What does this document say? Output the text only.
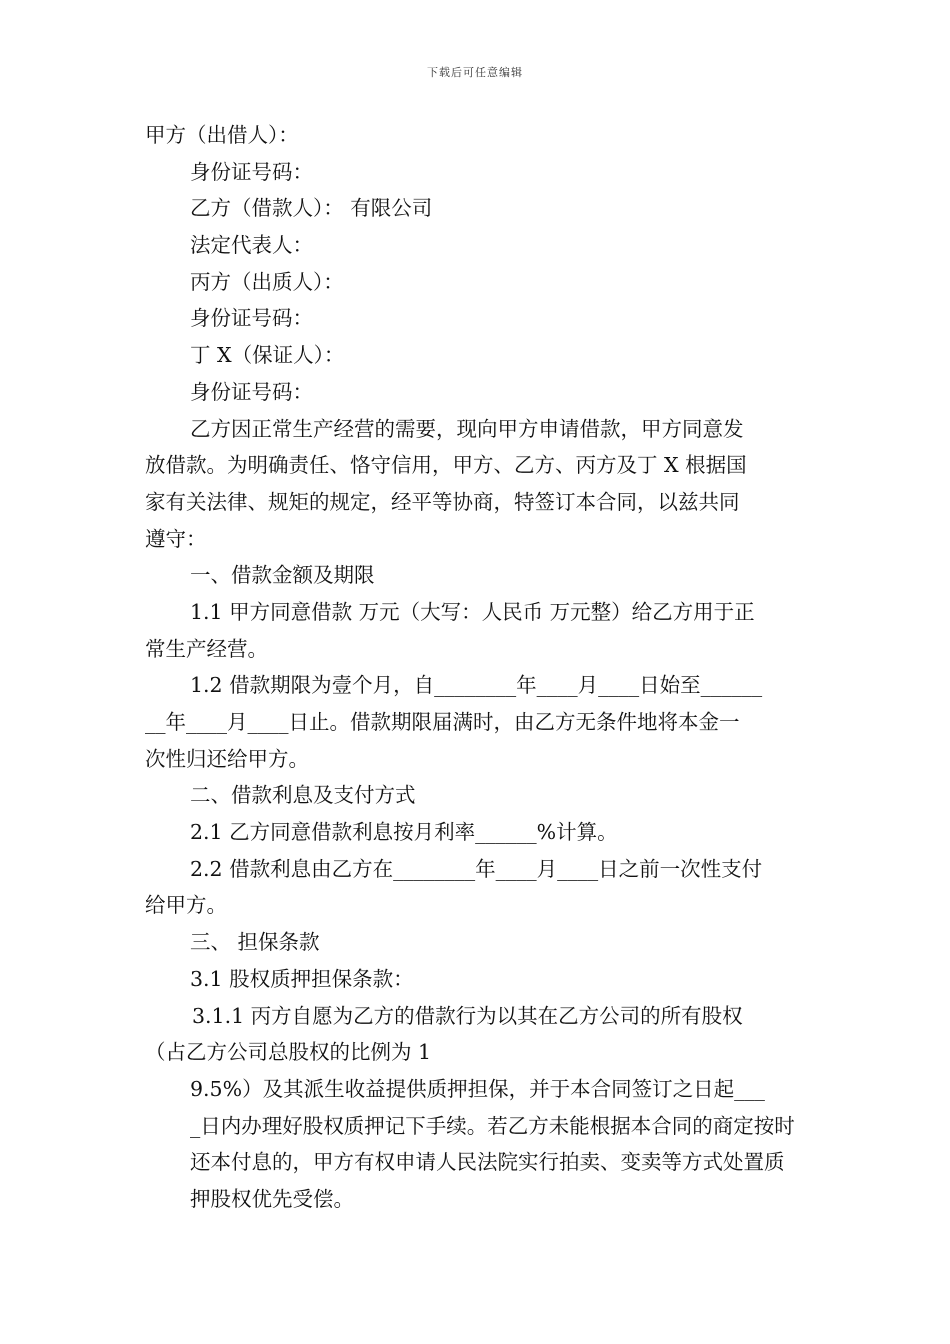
下载后可任意编辑
甲方（出借人）：
身份证号码：
乙方（借款人）： 有限公司
法定代表人：
丙方（出质人）：
身份证号码：
丁 X（保证人）：
身份证号码：
乙方因正常生产经营的需要，现向甲方申请借款，甲方同意发
放借款。为明确责任、恪守信用，甲方、乙方、丙方及丁 X 根据国
家有关法律、规矩的规定，经平等协商，特签订本合同，以兹共同
遵守：
一、借款金额及期限
1.1 甲方同意借款 万元（大写：人民币 万元整）给乙方用于正
常生产经营。
1.2 借款期限为壹个月，自________年____月____日始至______
__年____月____日止。借款期限届满时，由乙方无条件地将本金一
次性归还给甲方。
二、借款利息及支付方式
2.1 乙方同意借款利息按月利率______%计算。
2.2 借款利息由乙方在________年____月____日之前一次性支付
给甲方。
三、 担保条款
3.1 股权质押担保条款：
3.1.1 丙方自愿为乙方的借款行为以其在乙方公司的所有股权
（占乙方公司总股权的比例为 1
9.5%）及其派生收益提供质押担保，并于本合同签订之日起___
_日内办理好股权质押记下手续。若乙方未能根据本合同的商定按时
还本付息的，甲方有权申请人民法院实行拍卖、变卖等方式处置质
押股权优先受偿。
